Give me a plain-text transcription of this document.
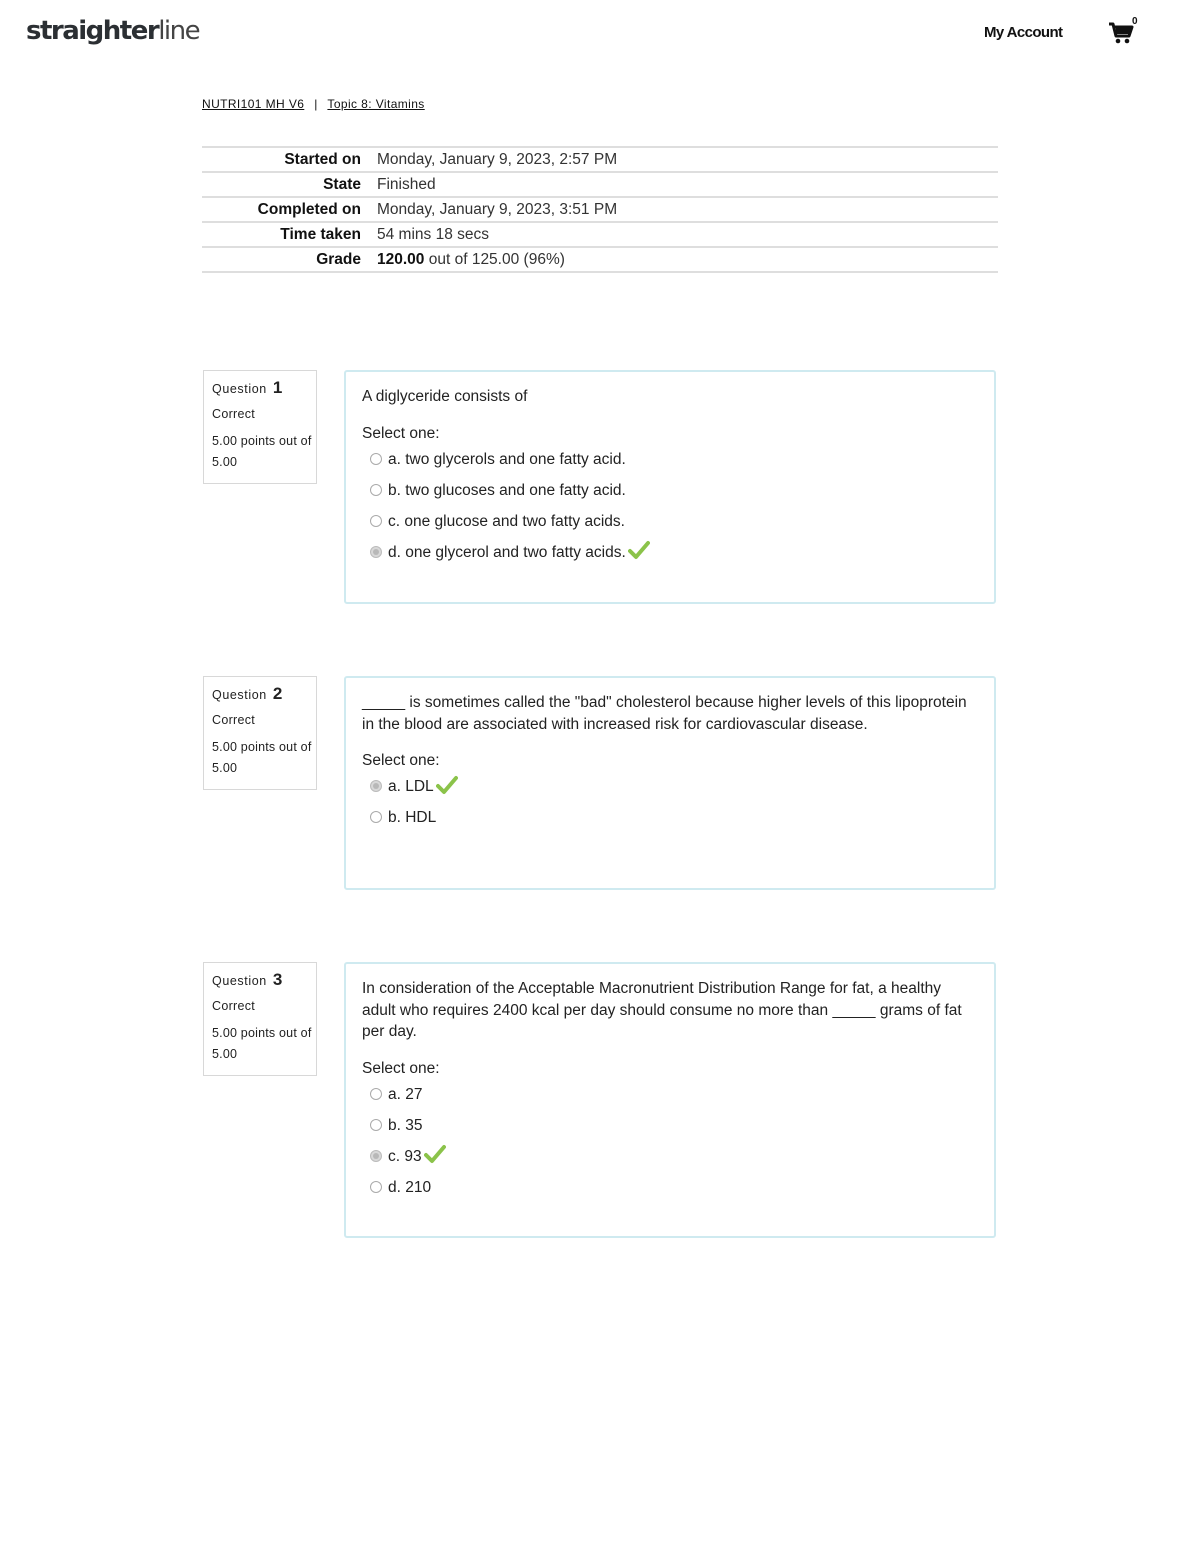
straighterline	My Account
0
NUTRI101 MH V6 | Topic 8: Vitamins
Started on	Monday, January 9, 2023, 2:57 PM
State	Finished
Completed on	Monday, January 9, 2023, 3:51 PM
Time taken	54 mins 18 secs
Grade	120.00 out of 125.00 (96%)
Question 1
Correct
5.00 points out of 5.00
A diglyceride consists of
Select one:
a. two glycerols and one fatty acid.
b. two glucoses and one fatty acid.
c. one glucose and two fatty acids.
d. one glycerol and two fatty acids.
Question 2
Correct
5.00 points out of 5.00
_____ is sometimes called the "bad" cholesterol because higher levels of this lipoprotein in the blood are associated with increased risk for cardiovascular disease.
Select one:
a. LDL
b. HDL
Question 3
Correct
5.00 points out of 5.00
In consideration of the Acceptable Macronutrient Distribution Range for fat, a healthy adult who requires 2400 kcal per day should consume no more than _____ grams of fat per day.
Select one:
a. 27
b. 35
c. 93
d. 210
